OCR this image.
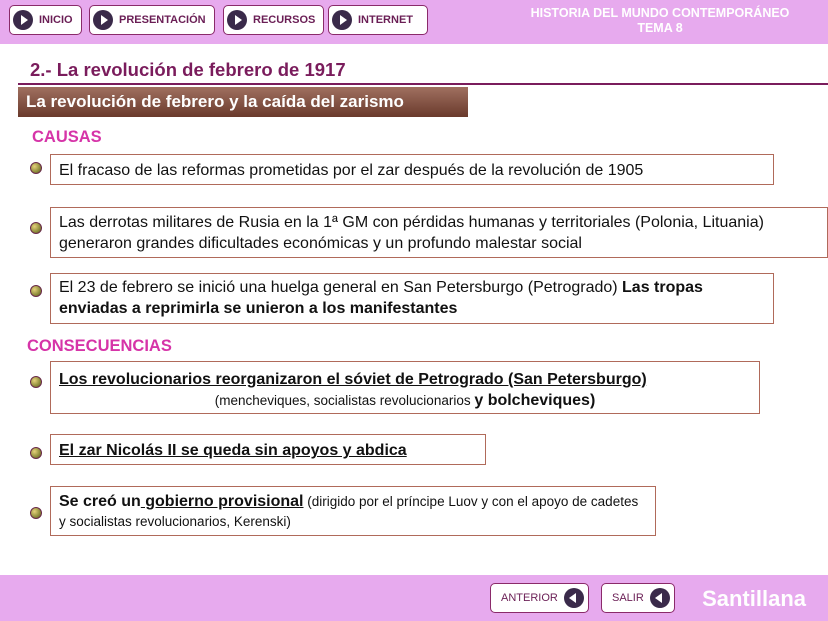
INICIO	PRESENTACIÓN	RECURSOS	INTERNET	HISTORIA DEL MUNDO CONTEMPORÁNEO
TEMA 8
2.- La revolución de febrero de 1917
La revolución de febrero y la caída del zarismo
CAUSAS
El fracaso de las reformas prometidas por el zar después de la revolución de 1905
Las derrotas militares de Rusia en la 1ª GM con pérdidas humanas y territoriales (Polonia, Lituania) generaron grandes dificultades económicas y un profundo malestar social
El 23 de febrero se inició una huelga general en San Petersburgo (Petrogrado) Las tropas enviadas a reprimirla se unieron a los manifestantes
CONSECUENCIAS
Los revolucionarios reorganizaron el sóviet de Petrogrado (San Petersburgo)
(mencheviques, socialistas revolucionarios y bolcheviques)
El zar Nicolás II se queda sin apoyos y abdica
Se creó un gobierno provisional (dirigido por el príncipe Luov y con el apoyo de cadetes y socialistas revolucionarios, Kerenski)
ANTERIOR	SALIR	Santillana
